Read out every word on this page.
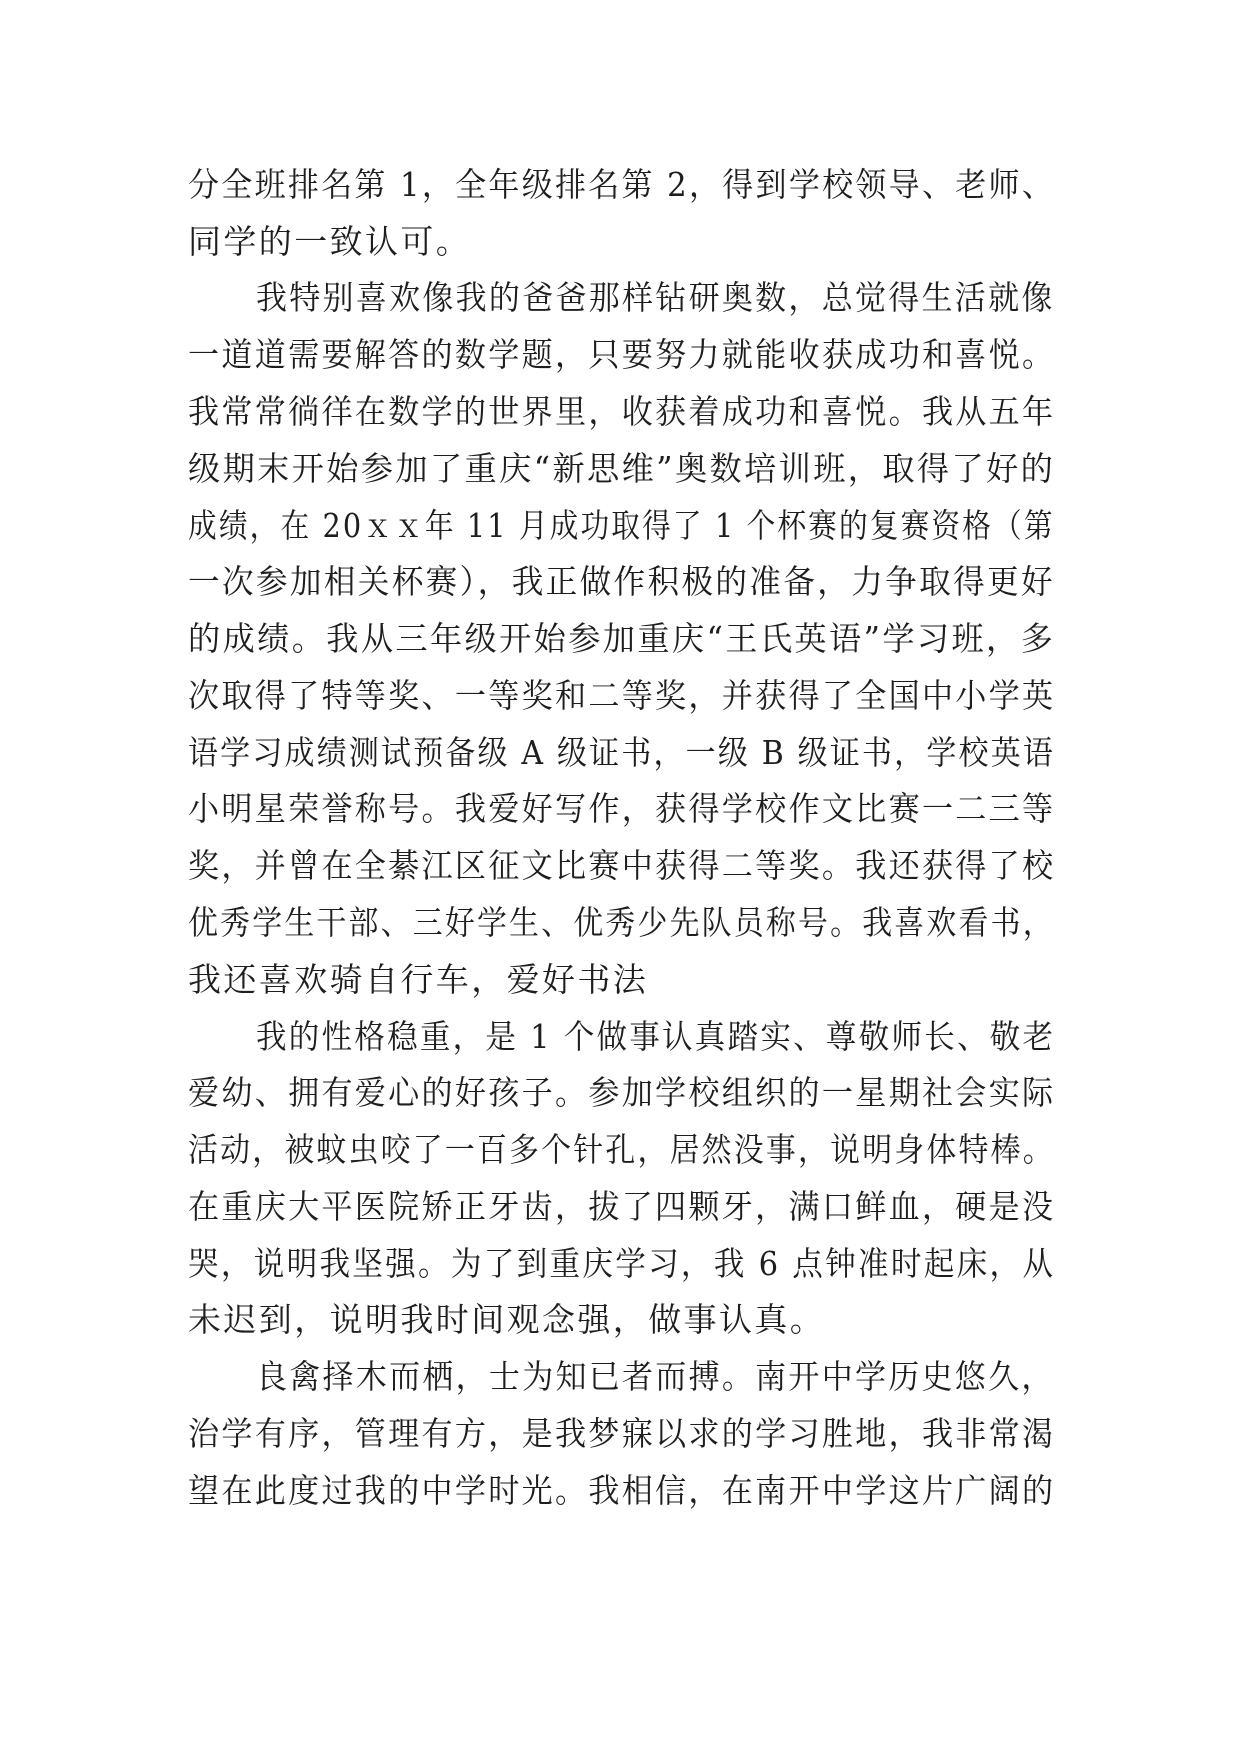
分全班排名第 1，全年级排名第 2，得到学校领导、老师、
同学的一致认可。
我特别喜欢像我的爸爸那样钻研奥数，总觉得生活就像
一道道需要解答的数学题，只要努力就能收获成功和喜悦。
我常常徜徉在数学的世界里，收获着成功和喜悦。我从五年
级期末开始参加了重庆“新思维”奥数培训班，取得了好的
成绩，在 20ｘｘ年 11 月成功取得了 1 个杯赛的复赛资格（第
一次参加相关杯赛），我正做作积极的准备，力争取得更好
的成绩。我从三年级开始参加重庆“王氏英语”学习班，多
次取得了特等奖、一等奖和二等奖，并获得了全国中小学英
语学习成绩测试预备级 A 级证书，一级 B 级证书，学校英语
小明星荣誉称号。我爱好写作，获得学校作文比赛一二三等
奖，并曾在全綦江区征文比赛中获得二等奖。我还获得了校
优秀学生干部、三好学生、优秀少先队员称号。我喜欢看书，
我还喜欢骑自行车，爱好书法
我的性格稳重，是 1 个做事认真踏实、尊敬师长、敬老
爱幼、拥有爱心的好孩子。参加学校组织的一星期社会实际
活动，被蚊虫咬了一百多个针孔，居然没事，说明身体特棒。
在重庆大平医院矫正牙齿，拔了四颗牙，满口鲜血，硬是没
哭，说明我坚强。为了到重庆学习，我 6 点钟准时起床，从
未迟到，说明我时间观念强，做事认真。
良禽择木而栖，士为知已者而搏。南开中学历史悠久，
治学有序，管理有方，是我梦寐以求的学习胜地，我非常渴
望在此度过我的中学时光。我相信，在南开中学这片广阔的
